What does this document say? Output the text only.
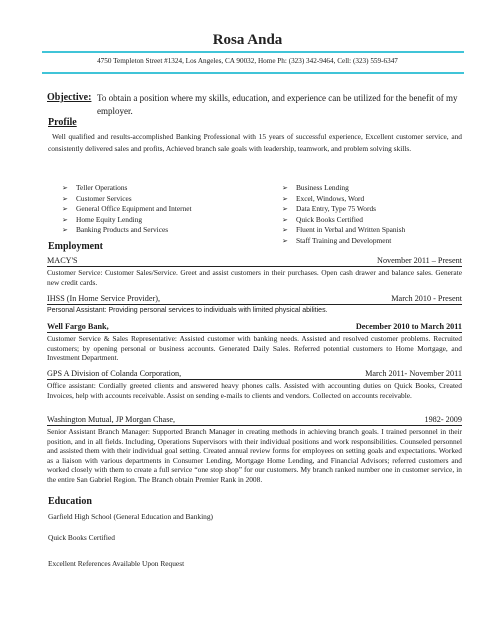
Rosa Anda
4750 Templeton Street #1324, Los Angeles, CA 90032, Home Ph: (323) 342-9464, Cell: (323) 559-6347
Objective: To obtain a position where my skills, education, and experience can be utilized for the benefit of my employer.
Profile
Well qualified and results-accomplished Banking Professional with 15 years of successful experience, Excellent customer service, and consistently delivered sales and profits, Achieved branch sale goals with leadership, teamwork, and problem solving skills.
➢ Teller Operations
➢ Customer Services
➢ General Office Equipment and Internet
➢ Home Equity Lending
➢ Banking Products and Services
➢ Business Lending
➢ Excel, Windows, Word
➢ Data Entry, Type 75 Words
➢ Quick Books Certified
➢ Fluent in Verbal and Written Spanish
➢ Staff Training and Development
Employment
MACY'S	November 2011 – Present
Customer Service: Customer Sales/Service. Greet and assist customers in their purchases. Open cash drawer and balance sales. Generate new credit cards.
IHSS (In Home Service Provider),	March 2010 - Present
Personal Assistant: Providing personal services to individuals with limited physical abilities.
Well Fargo Bank,	December 2010 to March 2011
Customer Service & Sales Representative: Assisted customer with banking needs. Assisted and resolved customer problems. Recruited customers; by opening personal or business accounts. Generated Daily Sales. Referred potential customers to Home Mortgage, and Investment Department.
GPS A Division of Colanda Corporation,	March 2011- November 2011
Office assistant: Cordially greeted clients and answered heavy phones calls. Assisted with accounting duties on Quick Books, Created Invoices, help with accounts receivable. Assist on sending e-mails to clients and vendors. Collected on accounts receivable.
Washington Mutual, JP Morgan Chase,	1982- 2009
Senior Assistant Branch Manager: Supported Branch Manager in creating methods in achieving branch goals. I trained personnel in their position, and in all fields. Including, Operations Supervisors with their individual positions and work responsibilities. Counseled personnel and assisted them with their individual goal setting. Created annual review forms for employees on setting goals and expectations. Worked as a liaison with various departments in Consumer Lending, Mortgage Home Lending, and Financial Advisors; referred customers and worked closely with them to create a full service “one stop shop” for our customers. My branch ranked number one in customer service, in the entire San Gabriel Region. The Branch obtain Premier Rank in 2008.
Education
Garfield High School (General Education and Banking)
Quick Books Certified
Excellent References Available Upon Request
